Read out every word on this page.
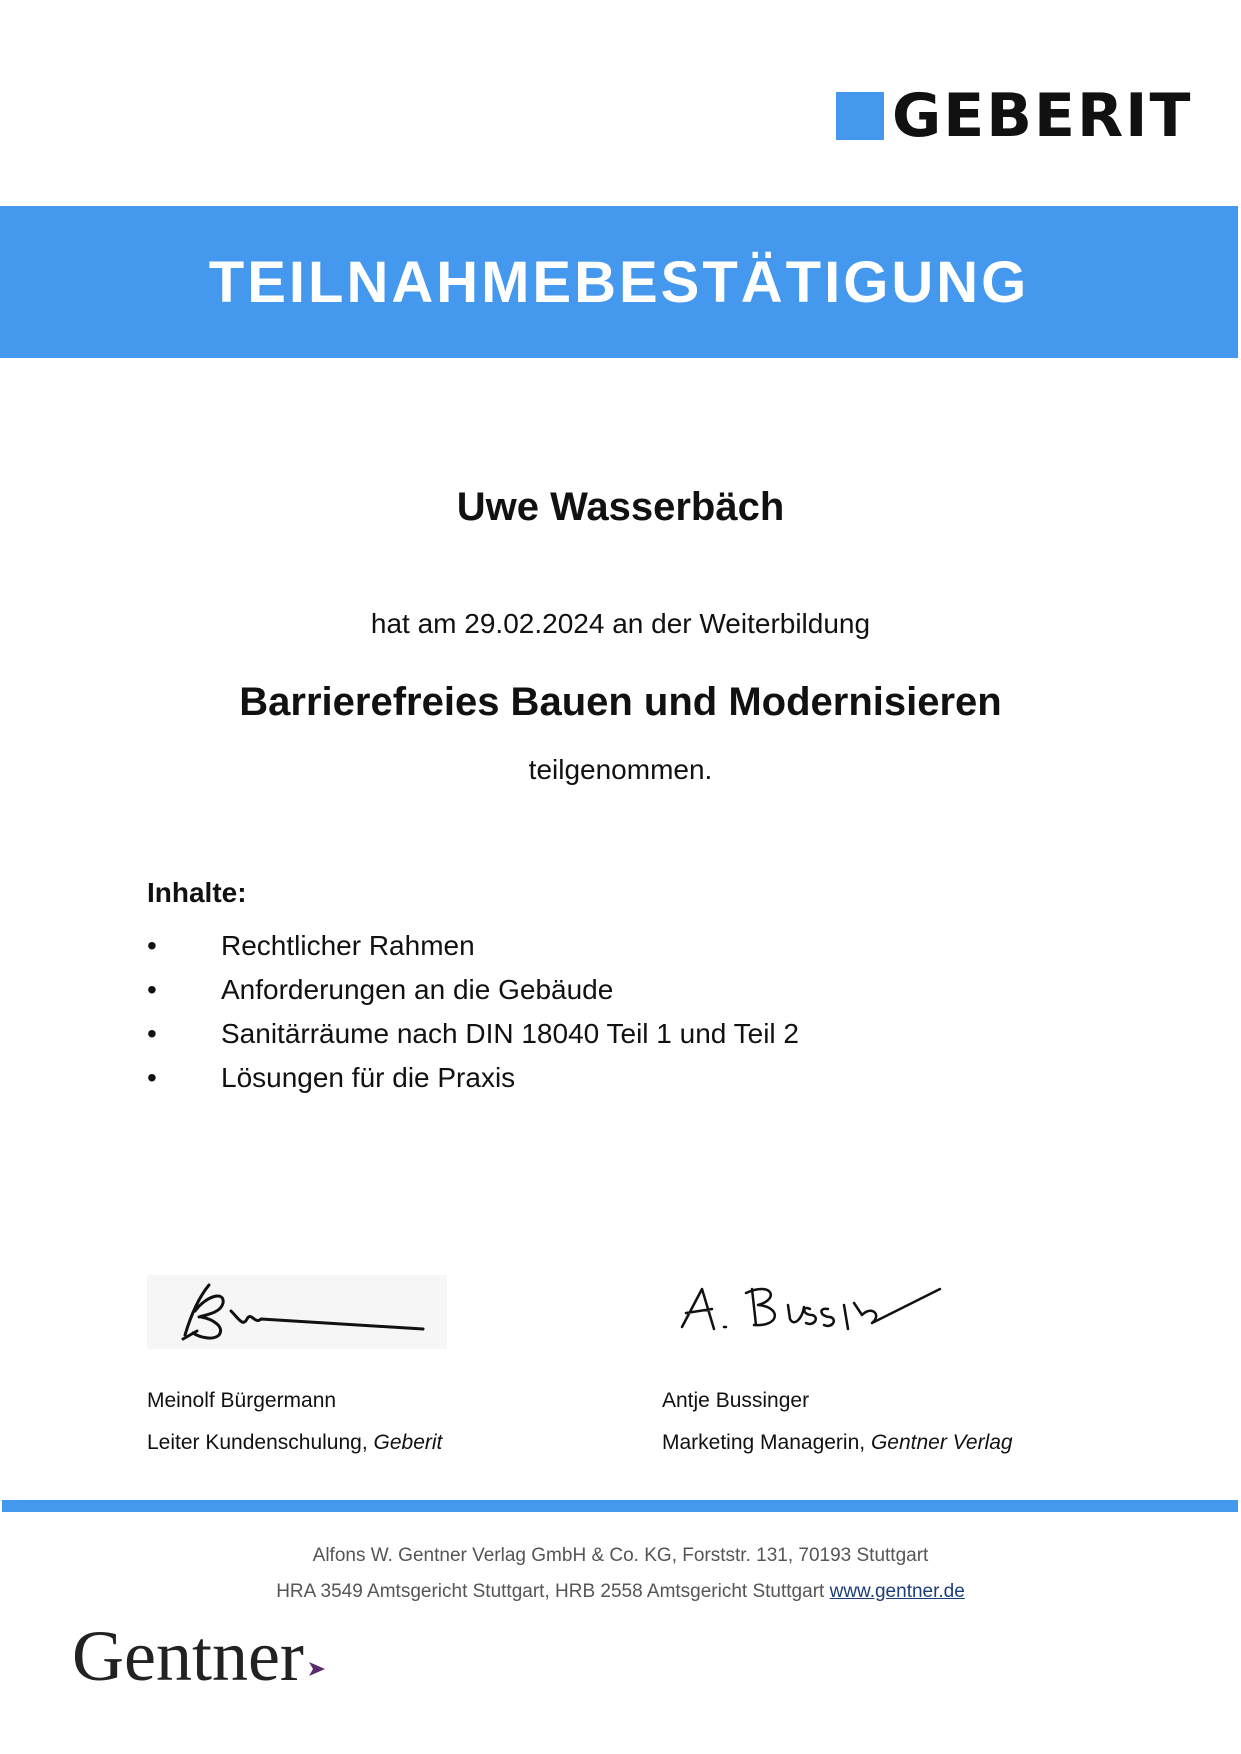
GEBERIT
TEILNAHMEBESTÄTIGUNG
Uwe Wasserbäch
hat am 29.02.2024 an der Weiterbildung
Barrierefreies Bauen und Modernisieren
teilgenommen.
Inhalte:
• Rechtlicher Rahmen
• Anforderungen an die Gebäude
• Sanitärräume nach DIN 18040 Teil 1 und Teil 2
• Lösungen für die Praxis
Meinolf Bürgermann
Leiter Kundenschulung, Geberit
Antje Bussinger
Marketing Managerin, Gentner Verlag
Alfons W. Gentner Verlag GmbH & Co. KG, Forststr. 131, 70193 Stuttgart
HRA 3549 Amtsgericht Stuttgart, HRB 2558 Amtsgericht Stuttgart www.gentner.de
Gentner
